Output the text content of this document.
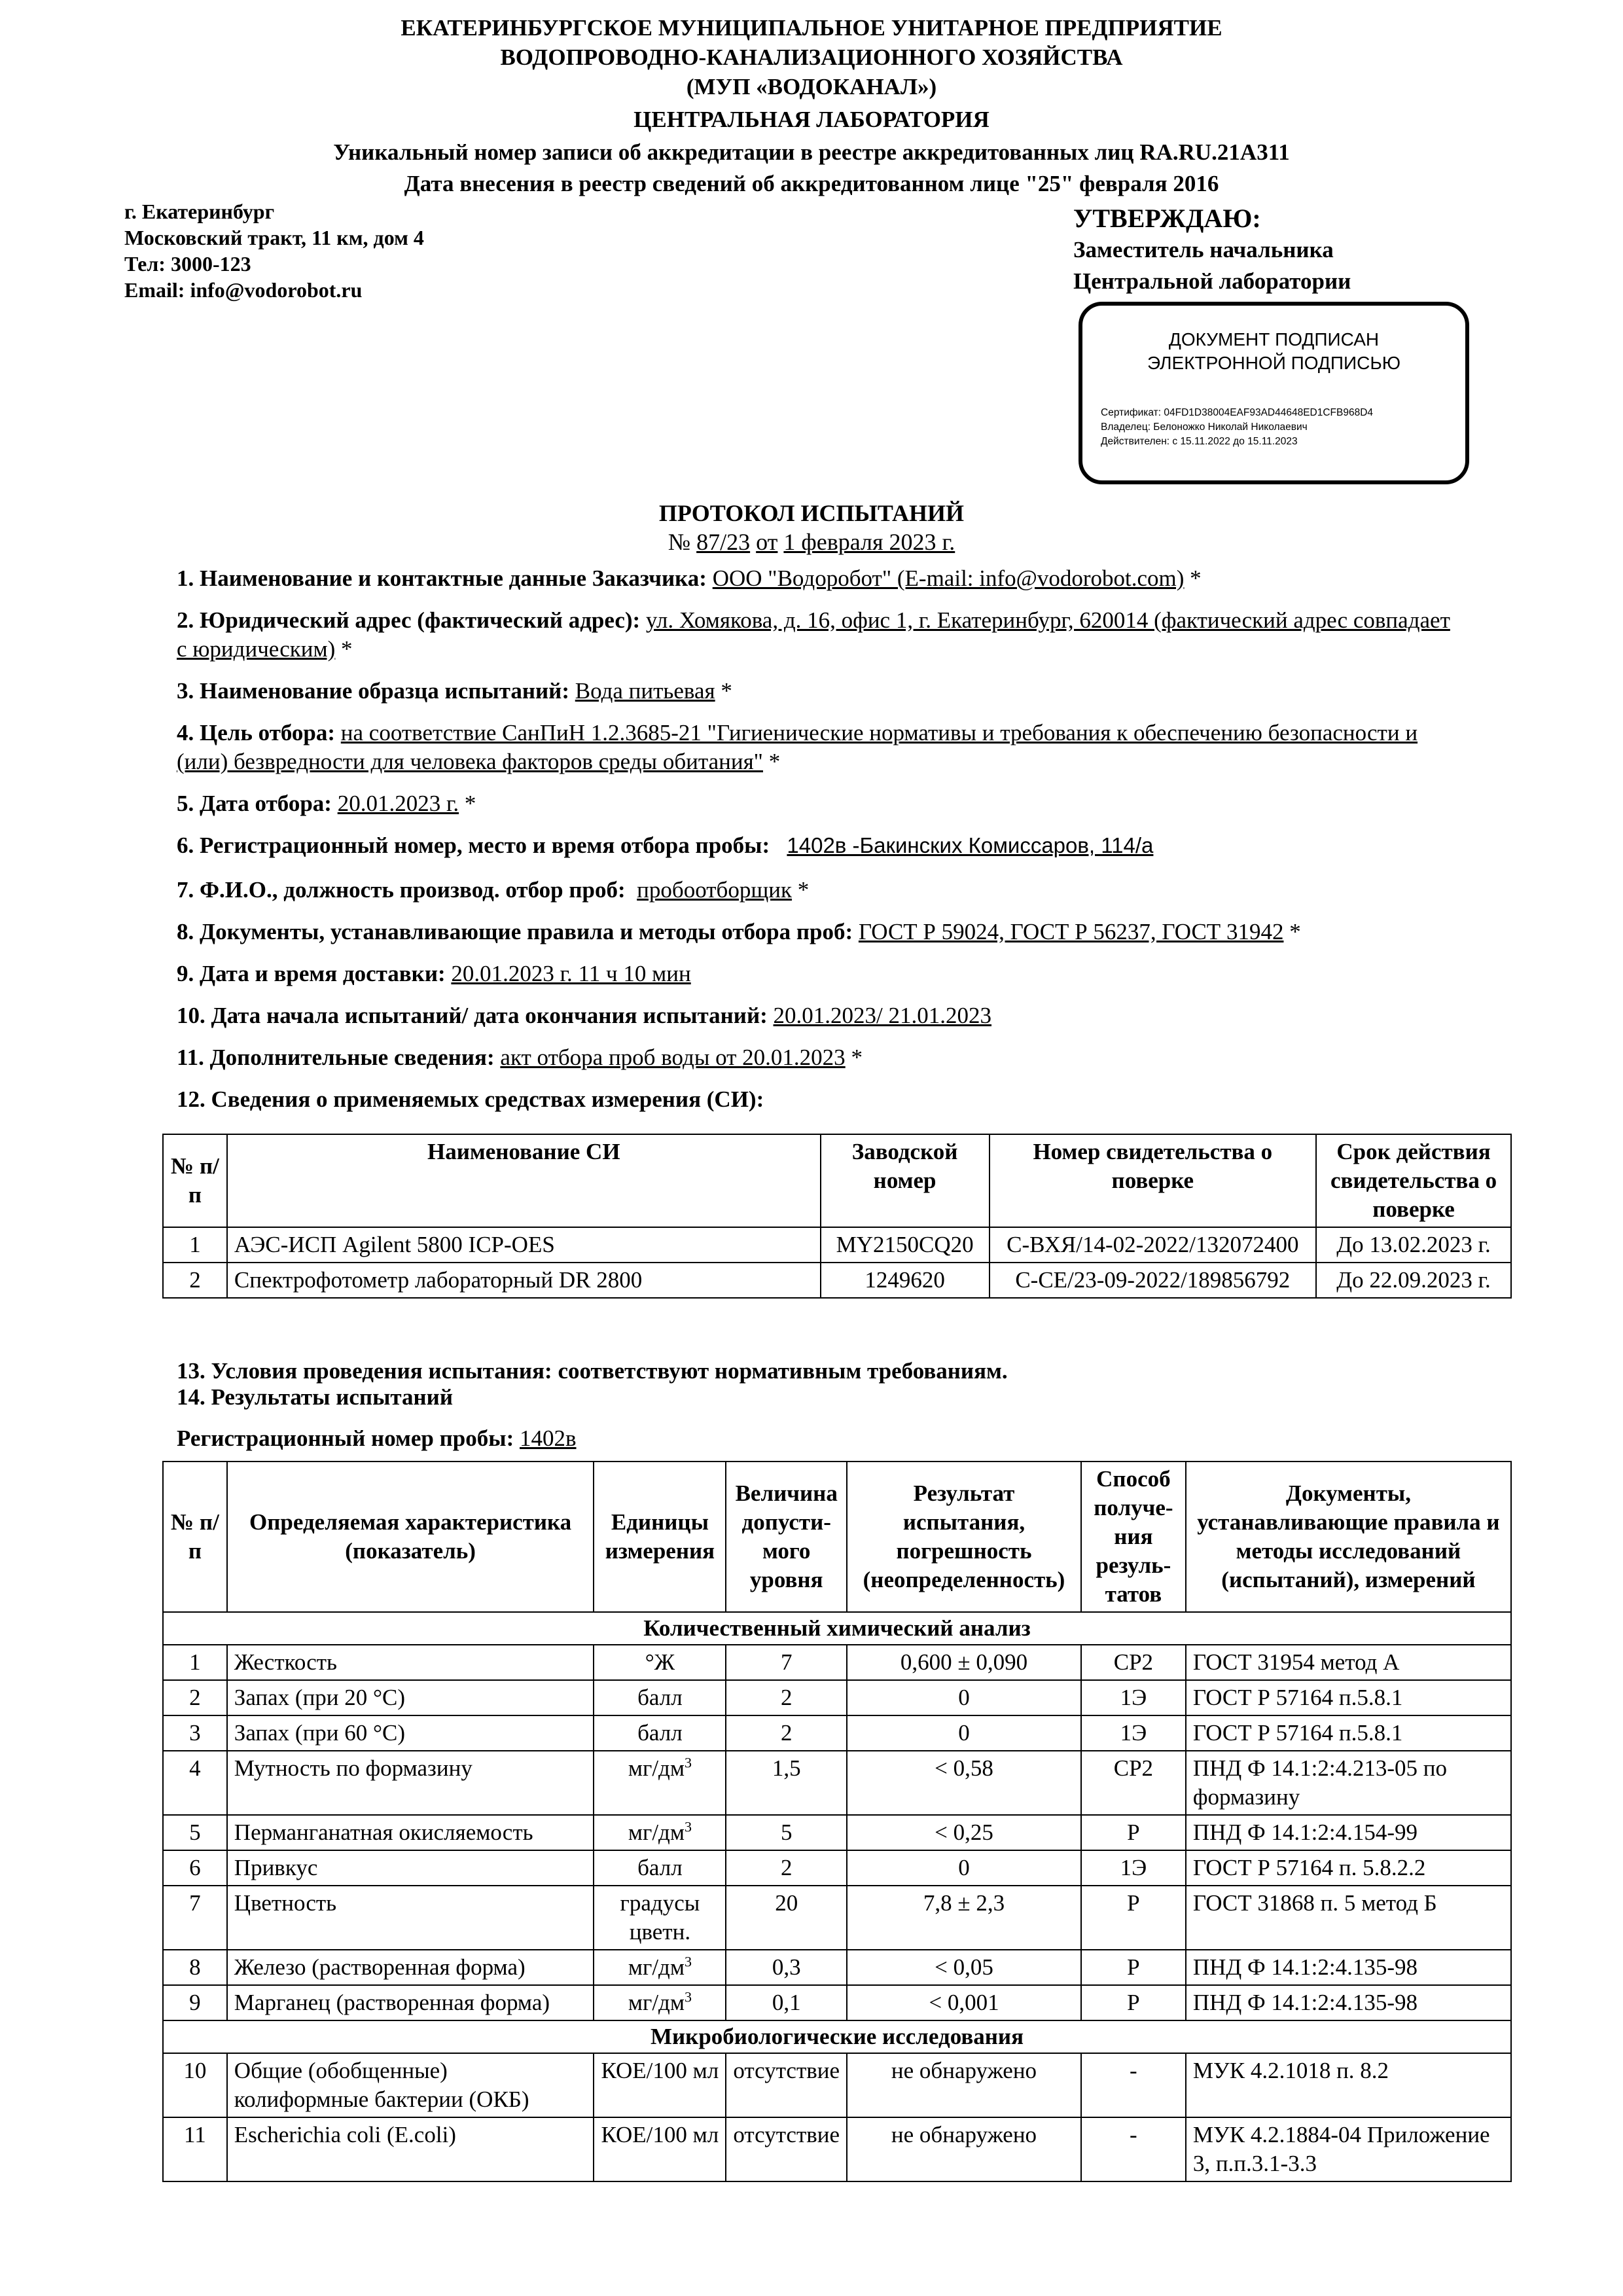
ЕКАТЕРИНБУРГСКОЕ МУНИЦИПАЛЬНОЕ УНИТАРНОЕ ПРЕДПРИЯТИЕ
ВОДОПРОВОДНО-КАНАЛИЗАЦИОННОГО ХОЗЯЙСТВА
(МУП «ВОДОКАНАЛ»)
ЦЕНТРАЛЬНАЯ ЛАБОРАТОРИЯ
Уникальный номер записи об аккредитации в реестре аккредитованных лиц RA.RU.21А311
Дата внесения в реестр сведений об аккредитованном лице "25" февраля 2016
г. Екатеринбург
Московский тракт, 11 км, дом 4
Тел: 3000-123
Email: info@vodorobot.ru
УТВЕРЖДАЮ:
Заместитель начальника
Центральной лаборатории
ДОКУМЕНТ ПОДПИСАН
ЭЛЕКТРОННОЙ ПОДПИСЬЮ
Сертификат: 04FD1D38004EAF93AD44648ED1CFB968D4
Владелец: Белоножко Николай Николаевич
Действителен: с 15.11.2022 до 15.11.2023
ПРОТОКОЛ ИСПЫТАНИЙ
№ 87/23 от 1 февраля 2023 г.
1. Наименование и контактные данные Заказчика: ООО "Водоробот" (E-mail: info@vodorobot.com) *
2. Юридический адрес (фактический адрес): ул. Хомякова, д. 16, офис 1, г. Екатеринбург, 620014 (фактический адрес совпадает с юридическим) *
3. Наименование образца испытаний: Вода питьевая *
4. Цель отбора: на соответствие СанПиН 1.2.3685-21 "Гигиенические нормативы и требования к обеспечению безопасности и (или) безвредности для человека факторов среды обитания" *
5. Дата отбора: 20.01.2023 г. *
6. Регистрационный номер, место и время отбора пробы: 1402в -Бакинских Комиссаров, 114/а
7. Ф.И.О., должность производ. отбор проб: пробоотборщик *
8. Документы, устанавливающие правила и методы отбора проб: ГОСТ Р 59024, ГОСТ Р 56237, ГОСТ 31942 *
9. Дата и время доставки: 20.01.2023 г. 11 ч 10 мин
10. Дата начала испытаний/ дата окончания испытаний: 20.01.2023/ 21.01.2023
11. Дополнительные сведения: акт отбора проб воды от 20.01.2023 *
12. Сведения о применяемых средствах измерения (СИ):
№ п/п	Наименование СИ	Заводской номер	Номер свидетельства о поверке	Срок действия свидетельства о поверке
1	АЭС-ИСП Agilent 5800 ICP-OES	MY2150CQ20	С-ВХЯ/14-02-2022/132072400	До 13.02.2023 г.
2	Спектрофотометр лабораторный DR 2800	1249620	С-СЕ/23-09-2022/189856792	До 22.09.2023 г.
13. Условия проведения испытания: соответствуют нормативным требованиям.
14. Результаты испытаний
Регистрационный номер пробы: 1402в
№ п/п	Определяемая характеристика (показатель)	Единицы измерения	Величина допусти-мого уровня	Результат испытания, погрешность (неопределенность)	Способ получе-ния резуль-татов	Документы, устанавливающие правила и методы исследований (испытаний), измерений
Количественный химический анализ						
1	Жесткость	°Ж	7	0,600 ± 0,090	СР2	ГОСТ 31954 метод А
2	Запах (при 20 °С)	балл	2	0	1Э	ГОСТ Р 57164 п.5.8.1
3	Запах (при 60 °С)	балл	2	0	1Э	ГОСТ Р 57164 п.5.8.1
4	Мутность по формазину	$мг/дм^3$	1,5	< 0,58	СР2	ПНД Ф 14.1:2:4.213-05 по формазину
5	Перманганатная окисляемость	$мг/дм^3$	5	< 0,25	Р	ПНД Ф 14.1:2:4.154-99
6	Привкус	балл	2	0	1Э	ГОСТ Р 57164 п. 5.8.2.2
7	Цветность	градусы цветн.	20	7,8 ± 2,3	Р	ГОСТ 31868 п. 5 метод Б
8	Железо (растворенная форма)	$мг/дм^3$	0,3	< 0,05	Р	ПНД Ф 14.1:2:4.135-98
9	Марганец (растворенная форма)	$мг/дм^3$	0,1	< 0,001	Р	ПНД Ф 14.1:2:4.135-98
Микробиологические исследования						
10	Общие (обобщенные) колиформные бактерии (ОКБ)	КОЕ/100 мл	отсутствие	не обнаружено	-	МУК 4.2.1018 п. 8.2
11	Escherichia coli (E.coli)	КОЕ/100 мл	отсутствие	не обнаружено	-	МУК 4.2.1884-04 Приложение 3, п.п.3.1-3.3
